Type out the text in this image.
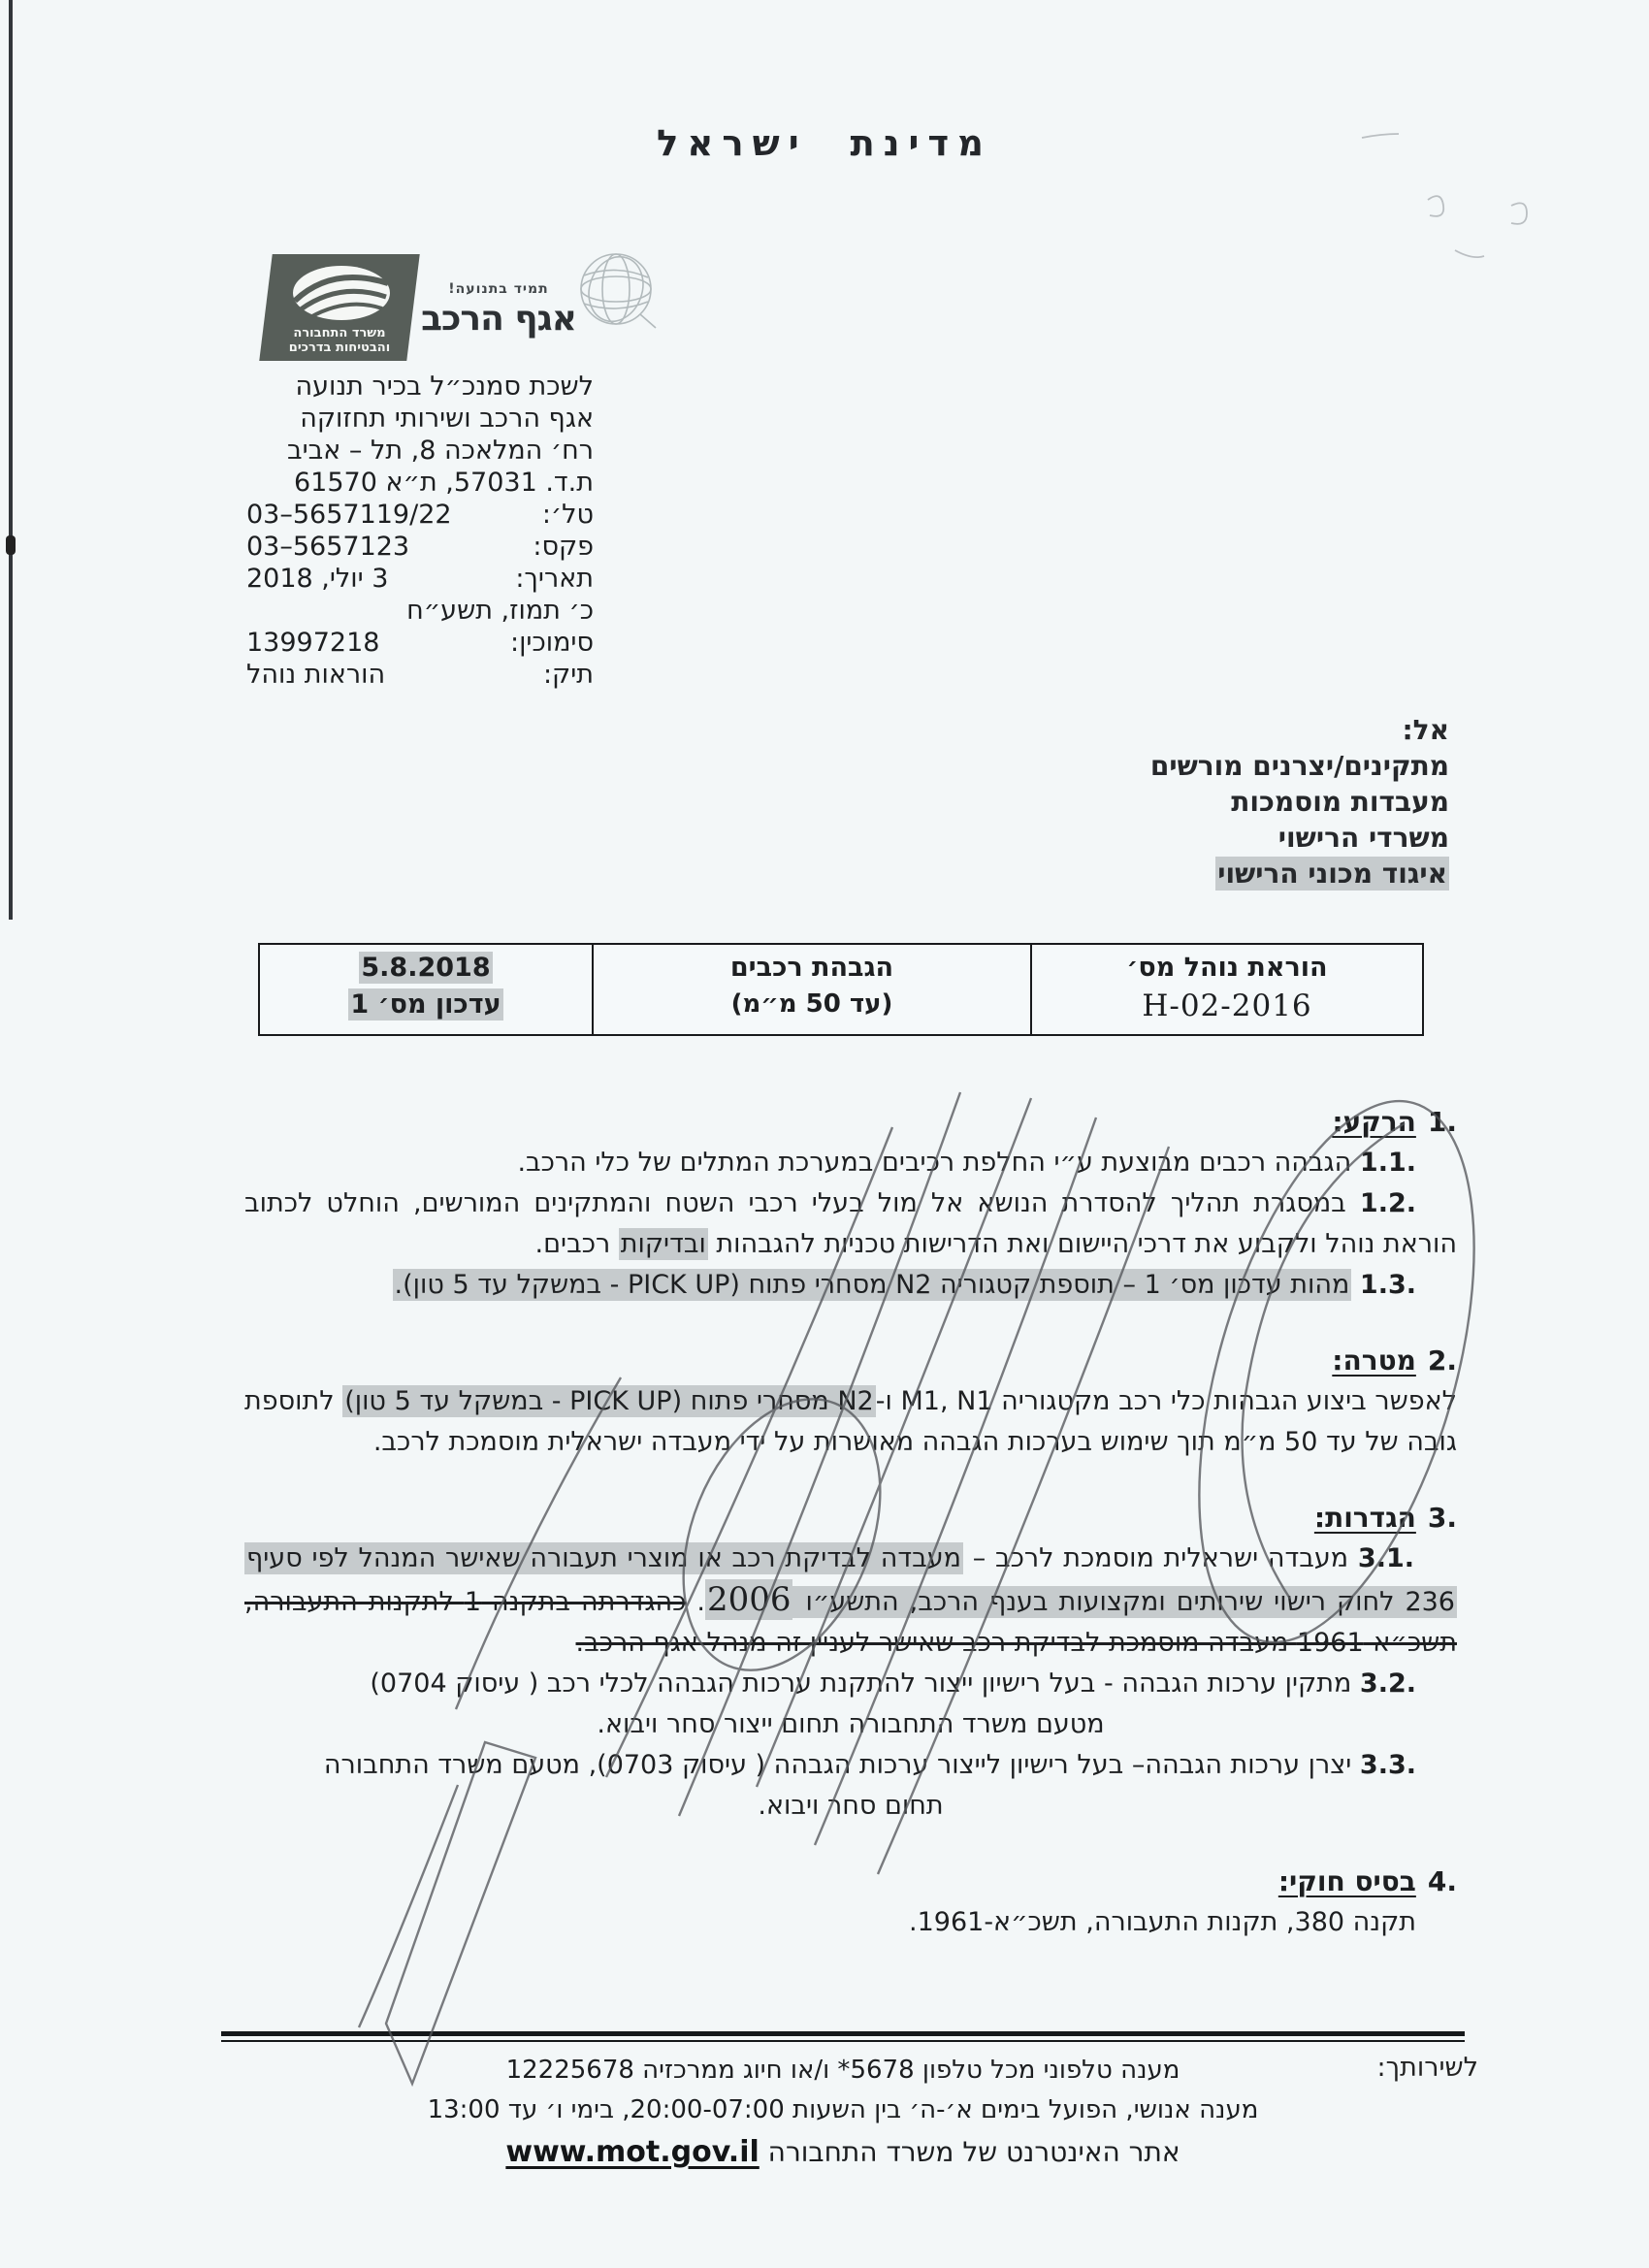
מדינת ישראל
משרד התחבורה
והבטיחות בדרכים
תמיד בתנועה!
אגף הרכב
לשכת סמנכ״ל בכיר תנועה
אגף הרכב ושירותי תחזוקה
רח׳ המלאכה 8, תל – אביב
ת.ד. 57031, ת״א 61570
טל׳:
03–5657119/22
פקס:
03–5657123
תאריך:
3 יולי, 2018
כ׳ תמוז, תשע״ח
סימוכין:
13997218
תיק:
הוראות נוהל
אל:
מתקינים/יצרנים מורשים
מעבדות מוסמכות
משרדי הרישוי
איגוד מכוני הרישוי
הוראת נוהל מס׳
H-02-2016
הגבהת רכבים
(עד 50 מ״מ)
5.8.2018
עדכון מס׳ 1
1.
הרקע:
1.1. הגבהה רכבים מבוצעת ע״י החלפת רכיבים במערכת המתלים של כלי הרכב.
1.2. במסגרת תהליך להסדרת הנושא אל מול בעלי רכבי השטח והמתקינים המורשים, הוחלט לכתוב הוראת נוהל ולקבוע את דרכי היישום ואת הדרישות טכניות להגבהות ובדיקות רכבים.
1.3. מהות עדכון מס׳ 1 – תוספת קטגוריה N2 מסחרי פתוח (PICK UP - במשקל עד 5 טון).
2.
מטרה:
לאפשר ביצוע הגבהות כלי רכב מקטגוריה M1, N1 ו-N2 מסחרי פתוח (PICK UP - במשקל עד 5 טון) לתוספת גובה של עד 50 מ״מ תוך שימוש בערכות הגבהה מאושרות על ידי מעבדה ישראלית מוסמכת לרכב.
3.
הגדרות:
3.1. מעבדה ישראלית מוסמכת לרכב – מעבדה לבדיקת רכב או מוצרי תעבורה שאישר המנהל לפי סעיף 236 לחוק רישוי שירותים ומקצועות בענף הרכב, התשע״ו 2006. כהגדרתה בתקנה 1 לתקנות התעבורה, תשכ״א-1961 מעבדה מוסמכת לבדיקת רכב שאישר לעניין זה מנהל אגף הרכב.
3.2. מתקין ערכות הגבהה - בעל רישיון ייצור להתקנת ערכות הגבהה לכלי רכב ( עיסוק 0704)
מטעם משרד התחבורה תחום ייצור סחר ויבוא.
3.3. יצרן ערכות הגבהה– בעל רישיון לייצור ערכות הגבהה ( עיסוק 0703), מטעם משרד התחבורה
תחום סחר ויבוא.
4.
בסיס חוקי:
תקנה 380, תקנות התעבורה, תשכ״א-1961.
לשירותך:
מענה טלפוני מכל טלפון 5678* ו/או חיוג ממרכזיה 12225678
מענה אנושי, הפועל בימים א׳-ה׳ בין השעות 20:00-07:00, בימי ו׳ עד 13:00
אתר האינטרנט של משרד התחבורה www.mot.gov.il
